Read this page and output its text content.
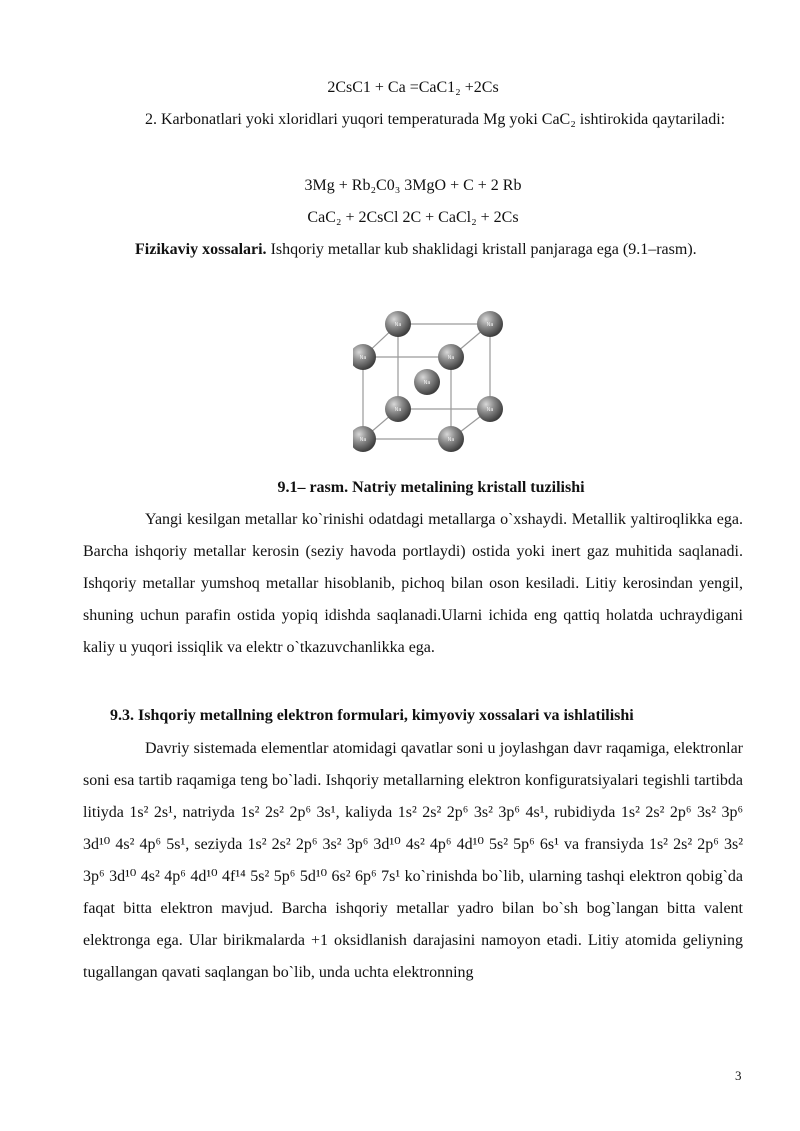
2CsC1 + Ca =CaC1₂ +2Cs

2. Karbonatlari yoki xloridlari yuqori temperaturada Mg yoki CaC₂ ishtirokida qaytariladi:

3Mg + Rb₂C0₃ 3MgO + C + 2 Rb
CaC₂ + 2CsCl 2C + CaCl₂ + 2Cs

Fizikaviy xossalari. Ishqoriy metallar kub shaklidagi kristall panjaraga ega (9.1–rasm).

Na	Na
Na	Na
Na
Na	Na
Na	Na
9.1– rasm. Natriy metalining kristall tuzilishi

Yangi kesilgan metallar ko`rinishi odatdagi metallarga o`xshaydi. Metallik yaltiroqlikka ega. Barcha ishqoriy metallar kerosin (seziy havoda portlaydi) ostida yoki inert gaz muhitida saqlanadi. Ishqoriy metallar yumshoq metallar hisoblanib, pichoq bilan oson kesiladi. Litiy kerosindan yengil, shuning uchun parafin ostida yopiq idishda saqlanadi.Ularni ichida eng qattiq holatda uchraydigani kaliy u yuqori issiqlik va elektr o`tkazuvchanlikka ega.

9.3. Ishqoriy metallning elektron formulari, kimyoviy xossalari va ishlatilishi

Davriy sistemada elementlar atomidagi qavatlar soni u joylashgan davr raqamiga, elektronlar soni esa tartib raqamiga teng bo`ladi. Ishqoriy metallarning elektron konfiguratsiyalari tegishli tartibda litiyda 1s² 2s¹, natriyda 1s² 2s² 2p⁶ 3s¹, kaliyda 1s² 2s² 2p⁶ 3s² 3p⁶ 4s¹, rubidiyda 1s² 2s² 2p⁶ 3s² 3p⁶ 3d¹⁰ 4s² 4p⁶ 5s¹, seziyda 1s² 2s² 2p⁶ 3s² 3p⁶ 3d¹⁰ 4s² 4p⁶ 4d¹⁰ 5s² 5p⁶ 6s¹ va fransiyda 1s² 2s² 2p⁶ 3s² 3p⁶ 3d¹⁰ 4s² 4p⁶ 4d¹⁰ 4f¹⁴ 5s² 5p⁶ 5d¹⁰ 6s² 6p⁶ 7s¹ ko`rinishda bo`lib, ularning tashqi elektron qobig`da faqat bitta elektron mavjud. Barcha ishqoriy metallar yadro bilan bo`sh bog`langan bitta valent elektronga ega. Ular birikmalarda +1 oksidlanish darajasini namoyon etadi. Litiy atomida geliyning tugallangan qavati saqlangan bo`lib, unda uchta elektronning

3
